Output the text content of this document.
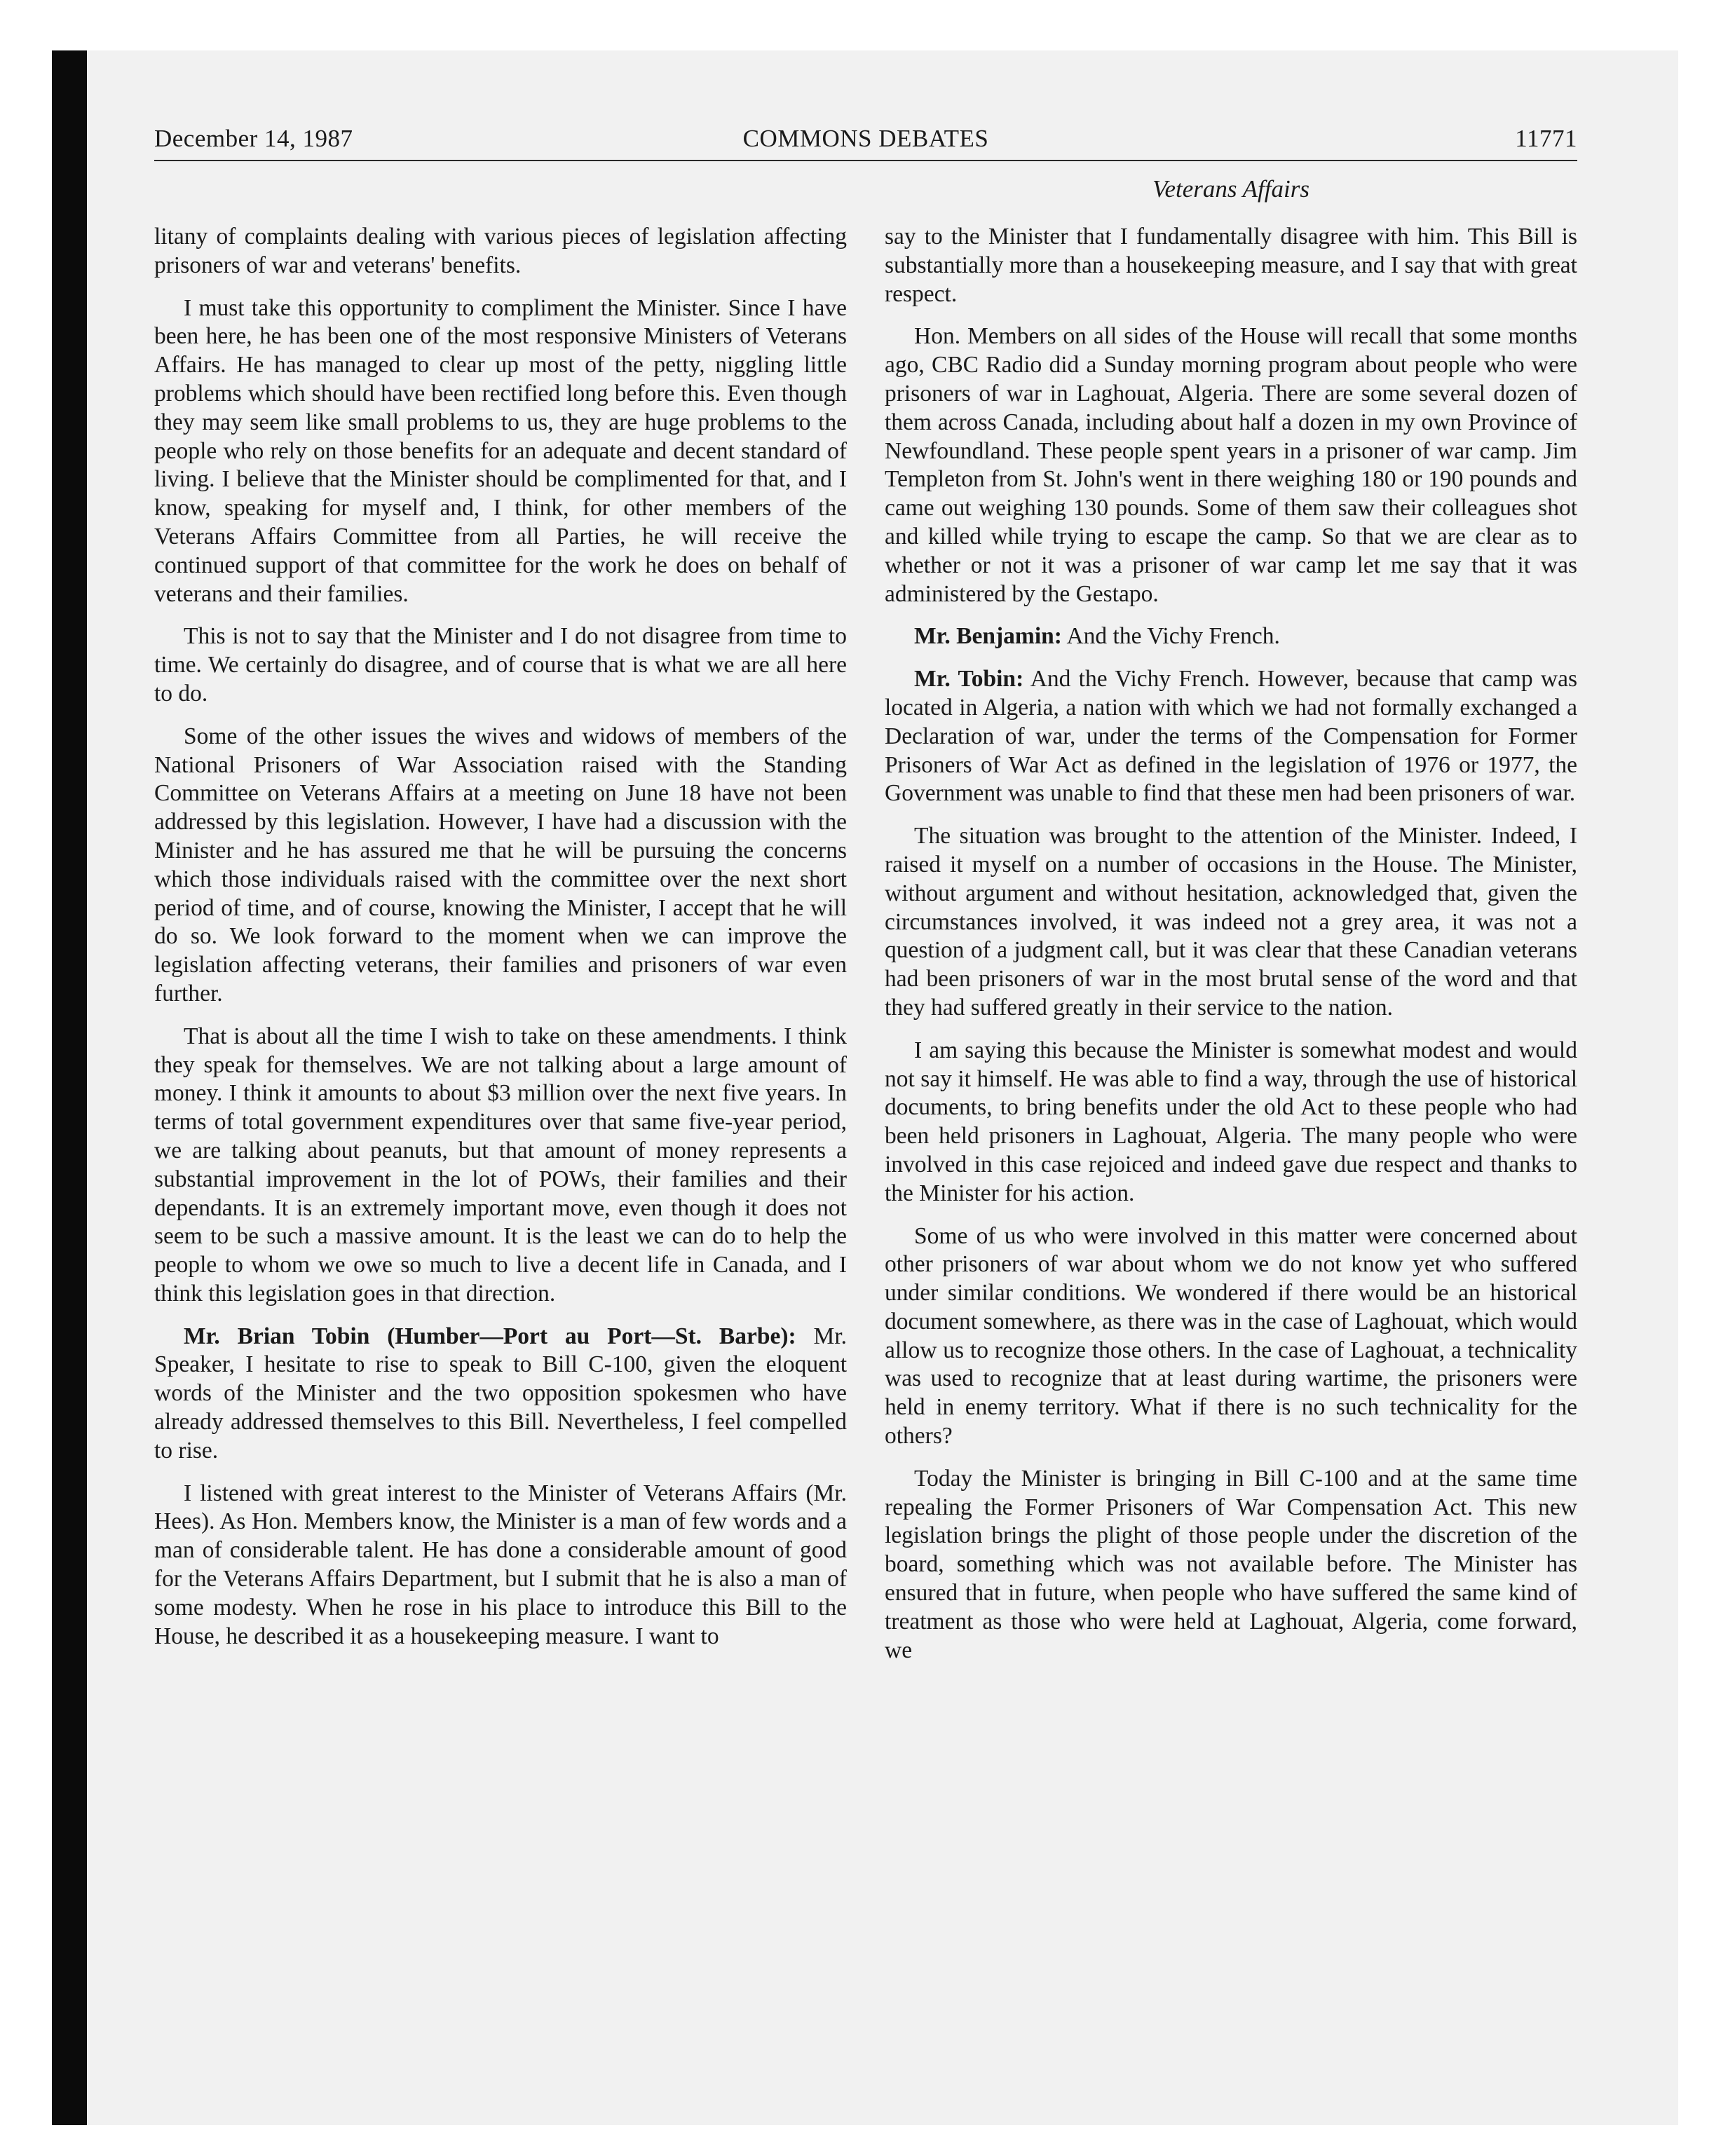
December 14, 1987	COMMONS DEBATES	11771
Veterans Affairs

litany of complaints dealing with various pieces of legislation affecting prisoners of war and veterans' benefits.

I must take this opportunity to compliment the Minister. Since I have been here, he has been one of the most responsive Ministers of Veterans Affairs. He has managed to clear up most of the petty, niggling little problems which should have been rectified long before this. Even though they may seem like small problems to us, they are huge problems to the people who rely on those benefits for an adequate and decent standard of living. I believe that the Minister should be complimented for that, and I know, speaking for myself and, I think, for other members of the Veterans Affairs Committee from all Parties, he will receive the continued support of that committee for the work he does on behalf of veterans and their families.

This is not to say that the Minister and I do not disagree from time to time. We certainly do disagree, and of course that is what we are all here to do.

Some of the other issues the wives and widows of members of the National Prisoners of War Association raised with the Standing Committee on Veterans Affairs at a meeting on June 18 have not been addressed by this legislation. However, I have had a discussion with the Minister and he has assured me that he will be pursuing the concerns which those individuals raised with the committee over the next short period of time, and of course, knowing the Minister, I accept that he will do so. We look forward to the moment when we can improve the legislation affecting veterans, their families and prisoners of war even further.

That is about all the time I wish to take on these amendments. I think they speak for themselves. We are not talking about a large amount of money. I think it amounts to about $3 million over the next five years. In terms of total government expenditures over that same five-year period, we are talking about peanuts, but that amount of money represents a substantial improvement in the lot of POWs, their families and their dependants. It is an extremely important move, even though it does not seem to be such a massive amount. It is the least we can do to help the people to whom we owe so much to live a decent life in Canada, and I think this legislation goes in that direction.

Mr. Brian Tobin (Humber—Port au Port—St. Barbe): Mr. Speaker, I hesitate to rise to speak to Bill C-100, given the eloquent words of the Minister and the two opposition spokesmen who have already addressed themselves to this Bill. Nevertheless, I feel compelled to rise.

I listened with great interest to the Minister of Veterans Affairs (Mr. Hees). As Hon. Members know, the Minister is a man of few words and a man of considerable talent. He has done a considerable amount of good for the Veterans Affairs Department, but I submit that he is also a man of some modesty. When he rose in his place to introduce this Bill to the House, he described it as a housekeeping measure. I want to

say to the Minister that I fundamentally disagree with him. This Bill is substantially more than a housekeeping measure, and I say that with great respect.

Hon. Members on all sides of the House will recall that some months ago, CBC Radio did a Sunday morning program about people who were prisoners of war in Laghouat, Algeria. There are some several dozen of them across Canada, including about half a dozen in my own Province of Newfoundland. These people spent years in a prisoner of war camp. Jim Templeton from St. John's went in there weighing 180 or 190 pounds and came out weighing 130 pounds. Some of them saw their colleagues shot and killed while trying to escape the camp. So that we are clear as to whether or not it was a prisoner of war camp let me say that it was administered by the Gestapo.

Mr. Benjamin: And the Vichy French.

Mr. Tobin: And the Vichy French. However, because that camp was located in Algeria, a nation with which we had not formally exchanged a Declaration of war, under the terms of the Compensation for Former Prisoners of War Act as defined in the legislation of 1976 or 1977, the Government was unable to find that these men had been prisoners of war.

The situation was brought to the attention of the Minister. Indeed, I raised it myself on a number of occasions in the House. The Minister, without argument and without hesitation, acknowledged that, given the circumstances involved, it was indeed not a grey area, it was not a question of a judgment call, but it was clear that these Canadian veterans had been prisoners of war in the most brutal sense of the word and that they had suffered greatly in their service to the nation.

I am saying this because the Minister is somewhat modest and would not say it himself. He was able to find a way, through the use of historical documents, to bring benefits under the old Act to these people who had been held prisoners in Laghouat, Algeria. The many people who were involved in this case rejoiced and indeed gave due respect and thanks to the Minister for his action.

Some of us who were involved in this matter were concerned about other prisoners of war about whom we do not know yet who suffered under similar conditions. We wondered if there would be an historical document somewhere, as there was in the case of Laghouat, which would allow us to recognize those others. In the case of Laghouat, a technicality was used to recognize that at least during wartime, the prisoners were held in enemy territory. What if there is no such technicality for the others?

Today the Minister is bringing in Bill C-100 and at the same time repealing the Former Prisoners of War Compensation Act. This new legislation brings the plight of those people under the discretion of the board, something which was not available before. The Minister has ensured that in future, when people who have suffered the same kind of treatment as those who were held at Laghouat, Algeria, come forward, we
